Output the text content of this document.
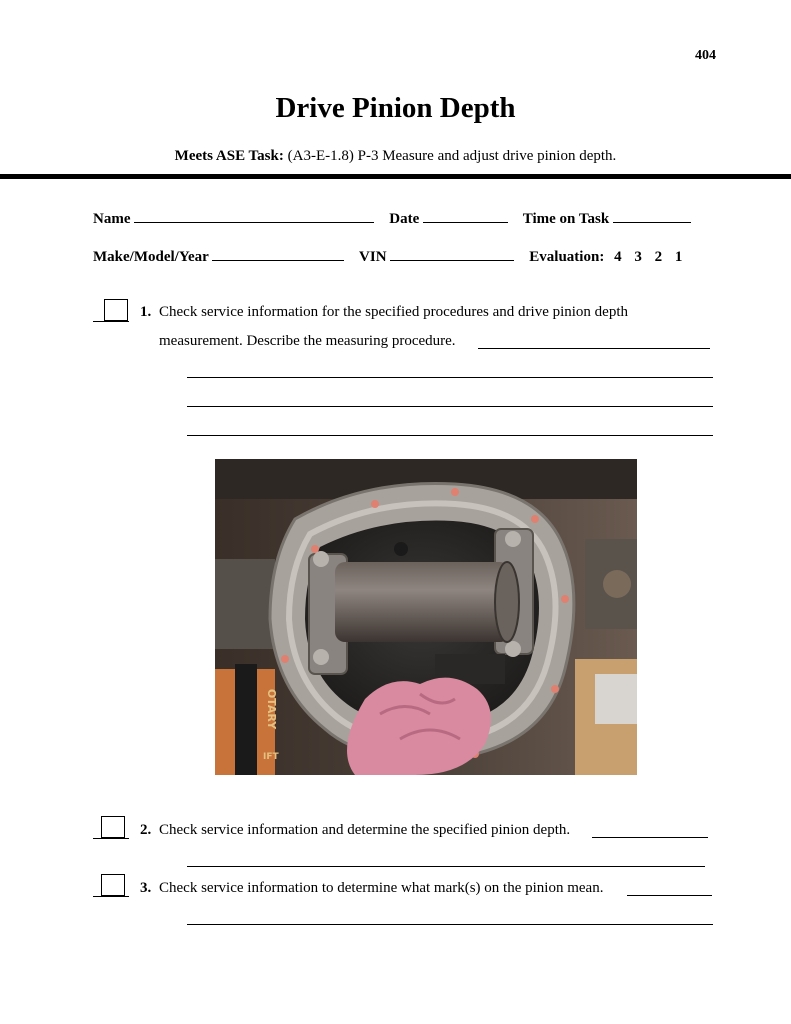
404
Drive Pinion Depth
Meets ASE Task: (A3-E-1.8) P-3 Measure and adjust drive pinion depth.
Name	Date	Time on Task
Make/Model/Year	VIN	Evaluation: 4 3 2 1
1. Check service information for the specified procedures and drive pinion depth
measurement. Describe the measuring procedure.
OTARY
IFT
2. Check service information and determine the specified pinion depth.
3. Check service information to determine what mark(s) on the pinion mean.
